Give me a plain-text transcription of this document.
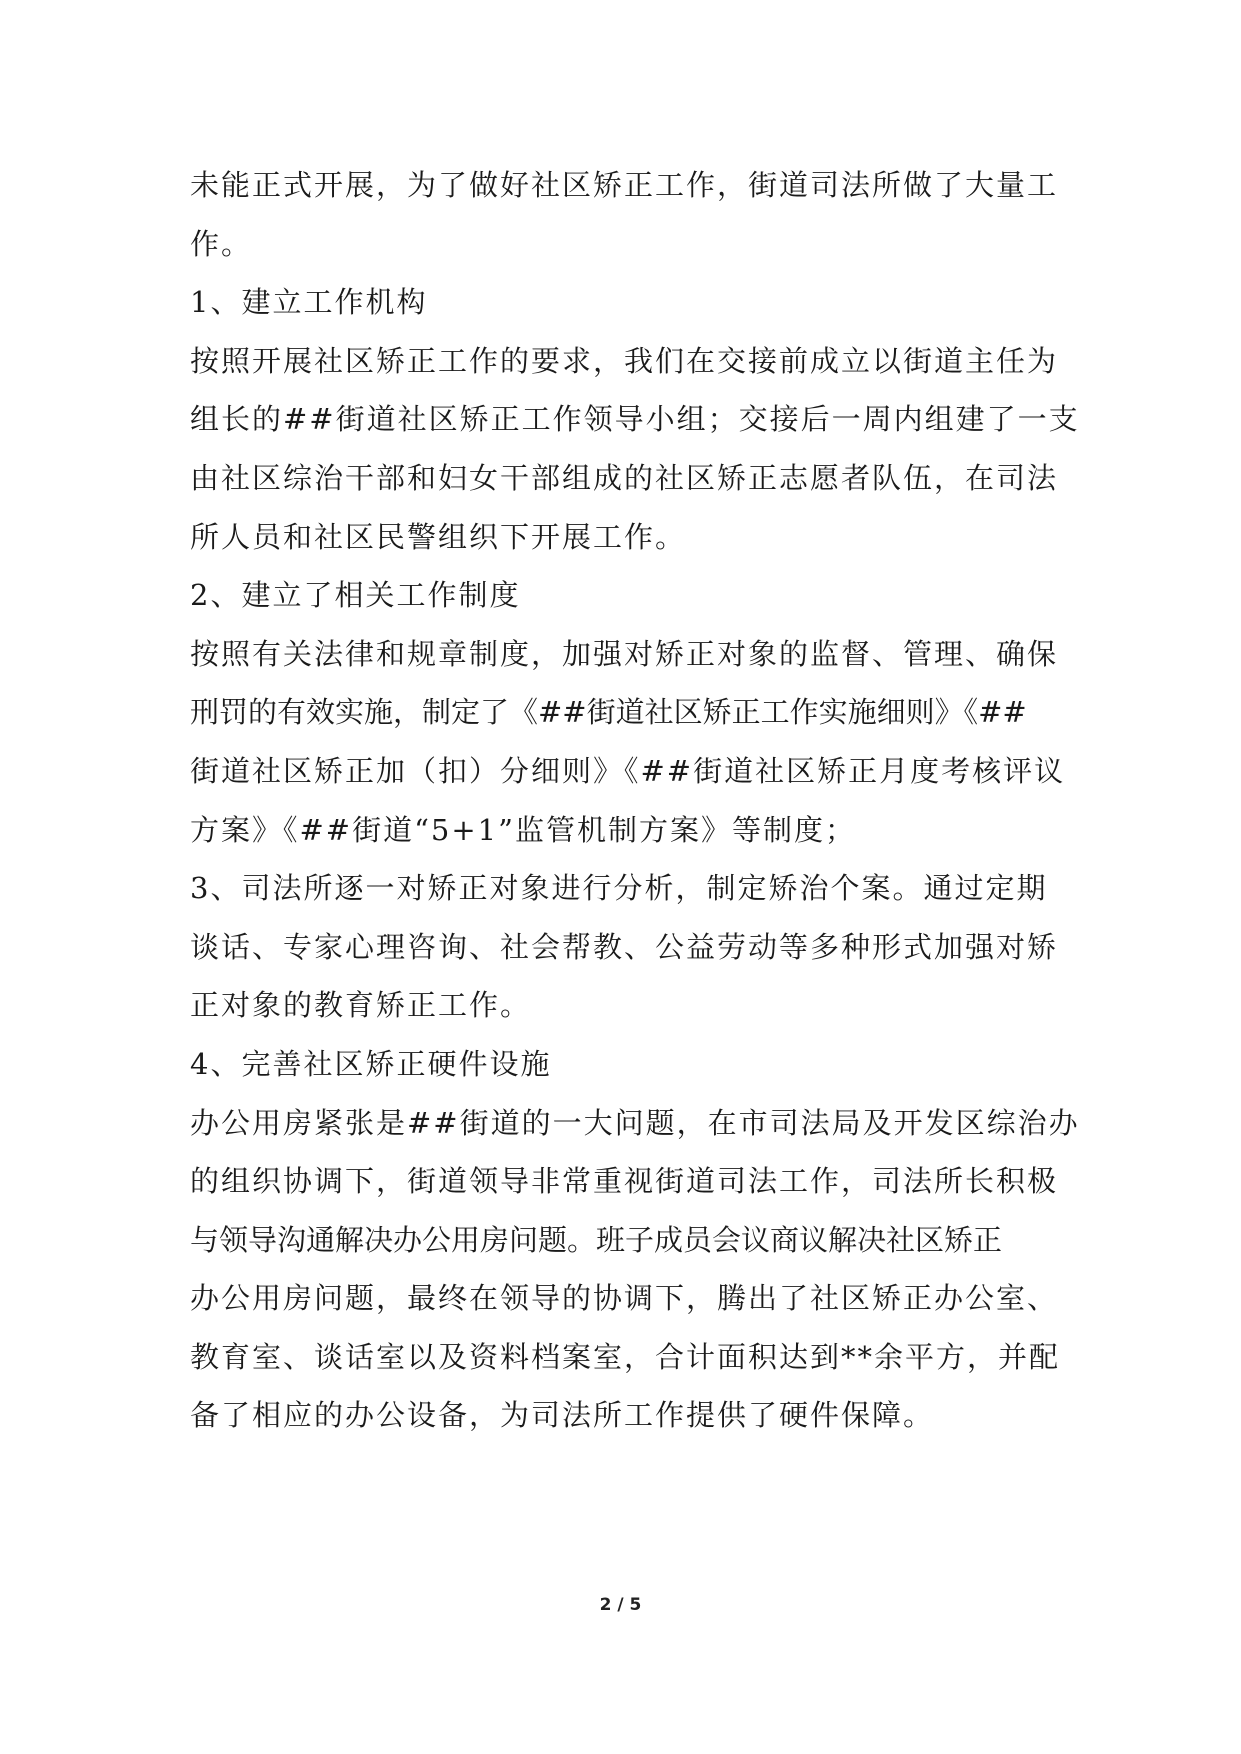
未能正式开展，为了做好社区矫正工作，街道司法所做了大量工
作。
1、建立工作机构
按照开展社区矫正工作的要求，我们在交接前成立以街道主任为
组长的##街道社区矫正工作领导小组；交接后一周内组建了一支
由社区综治干部和妇女干部组成的社区矫正志愿者队伍，在司法
所人员和社区民警组织下开展工作。
2、建立了相关工作制度
按照有关法律和规章制度，加强对矫正对象的监督、管理、确保
刑罚的有效实施，制定了《##街道社区矫正工作实施细则》《##
街道社区矫正加（扣）分细则》《##街道社区矫正月度考核评议
方案》《##街道“5+1”监管机制方案》等制度；
3、司法所逐一对矫正对象进行分析，制定矫治个案。通过定期
谈话、专家心理咨询、社会帮教、公益劳动等多种形式加强对矫
正对象的教育矫正工作。
4、完善社区矫正硬件设施
办公用房紧张是##街道的一大问题，在市司法局及开发区综治办
的组织协调下，街道领导非常重视街道司法工作，司法所长积极
与领导沟通解决办公用房问题。班子成员会议商议解决社区矫正
办公用房问题，最终在领导的协调下，腾出了社区矫正办公室、
教育室、谈话室以及资料档案室，合计面积达到**余平方，并配
备了相应的办公设备，为司法所工作提供了硬件保障。
2 / 5
